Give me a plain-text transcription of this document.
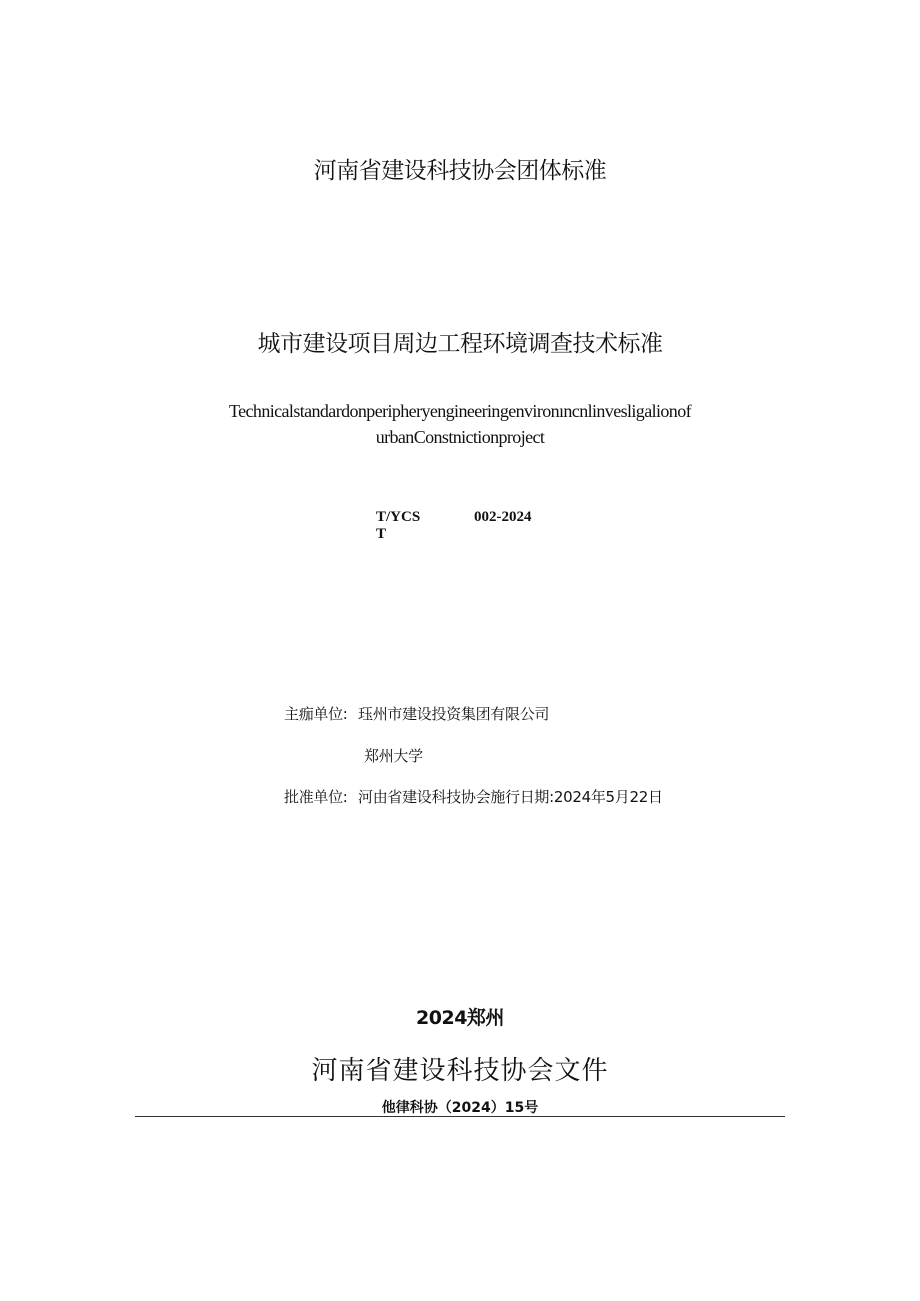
河南省建设科技协会团体标准
城市建设项目周边工程环境调查技术标准
Technicalstandardonperipheryengineeringenvironıncnlinvesligalionof urbanConstnictionproject
T/YCS
T
002-2024
主痂单位: 珏州市建设投资集团有限公司
郑州大学
批准单位: 河由省建设科技协会施行日期:2024年5月22日
2024郑州
河南省建设科技协会文件
他律科协（2024）15号
